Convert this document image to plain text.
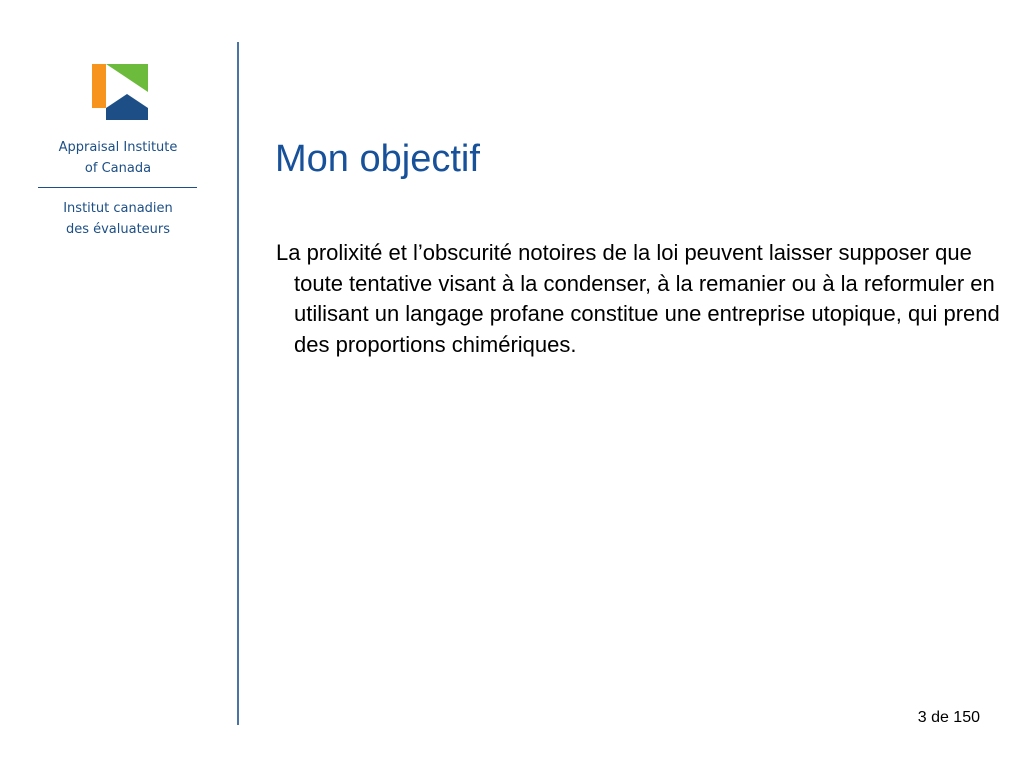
Appraisal Institute
of Canada
Institut canadien
des évaluateurs
Mon objectif

La prolixité et l’obscurité notoires de la loi peuvent laisser supposer que toute tentative visant à la condenser, à la remanier ou à la reformuler en utilisant un langage profane constitue une entreprise utopique, qui prend des proportions chimériques.

3 de 150
